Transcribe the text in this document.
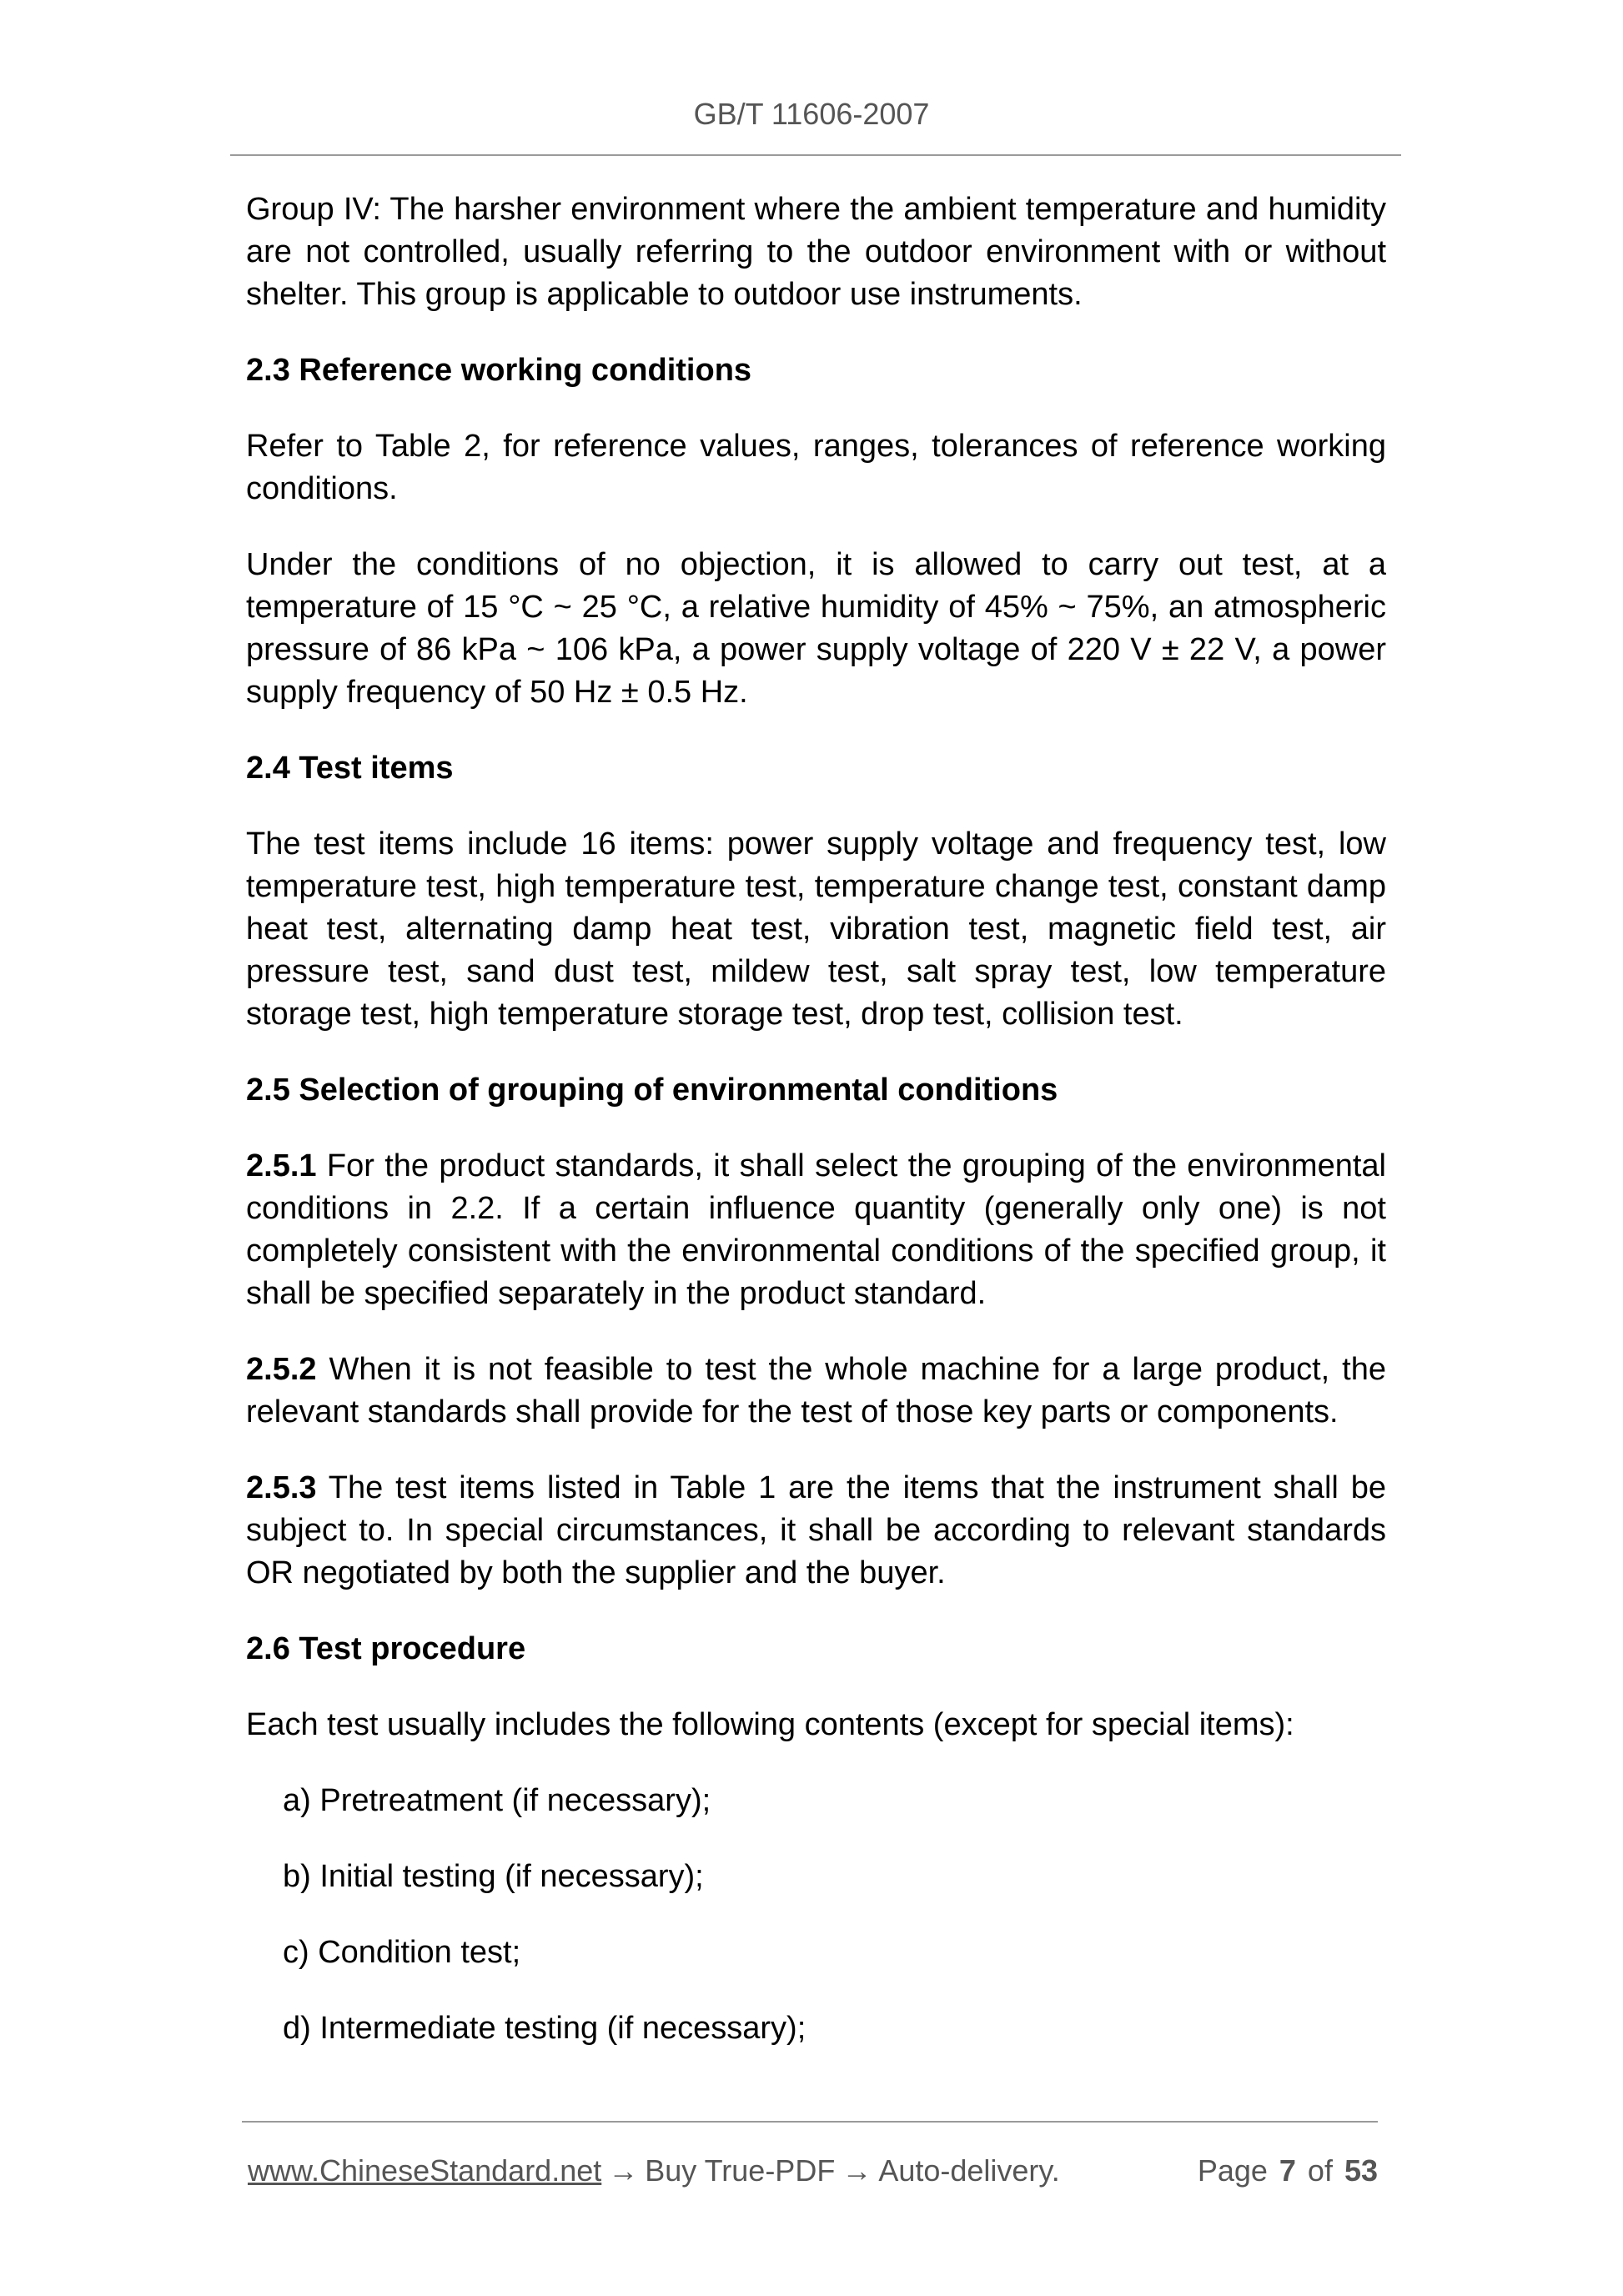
GB/T 11606-2007

Group IV: The harsher environment where the ambient temperature and humidity are not controlled, usually referring to the outdoor environment with or without shelter. This group is applicable to outdoor use instruments.

2.3 Reference working conditions

Refer to Table 2, for reference values, ranges, tolerances of reference working conditions.

Under the conditions of no objection, it is allowed to carry out test, at a temperature of 15 °C ~ 25 °C, a relative humidity of 45% ~ 75%, an atmospheric pressure of 86 kPa ~ 106 kPa, a power supply voltage of 220 V ± 22 V, a power supply frequency of 50 Hz ± 0.5 Hz.

2.4 Test items

The test items include 16 items: power supply voltage and frequency test, low temperature test, high temperature test, temperature change test, constant damp heat test, alternating damp heat test, vibration test, magnetic field test, air pressure test, sand dust test, mildew test, salt spray test, low temperature storage test, high temperature storage test, drop test, collision test.

2.5 Selection of grouping of environmental conditions

2.5.1 For the product standards, it shall select the grouping of the environmental conditions in 2.2. If a certain influence quantity (generally only one) is not completely consistent with the environmental conditions of the specified group, it shall be specified separately in the product standard.

2.5.2 When it is not feasible to test the whole machine for a large product, the relevant standards shall provide for the test of those key parts or components.

2.5.3 The test items listed in Table 1 are the items that the instrument shall be subject to. In special circumstances, it shall be according to relevant standards OR negotiated by both the supplier and the buyer.

2.6 Test procedure

Each test usually includes the following contents (except for special items):

a) Pretreatment (if necessary);
b) Initial testing (if necessary);
c) Condition test;
d) Intermediate testing (if necessary);
www.ChineseStandard.net → Buy True-PDF → Auto-delivery.	Page 7 of 53
